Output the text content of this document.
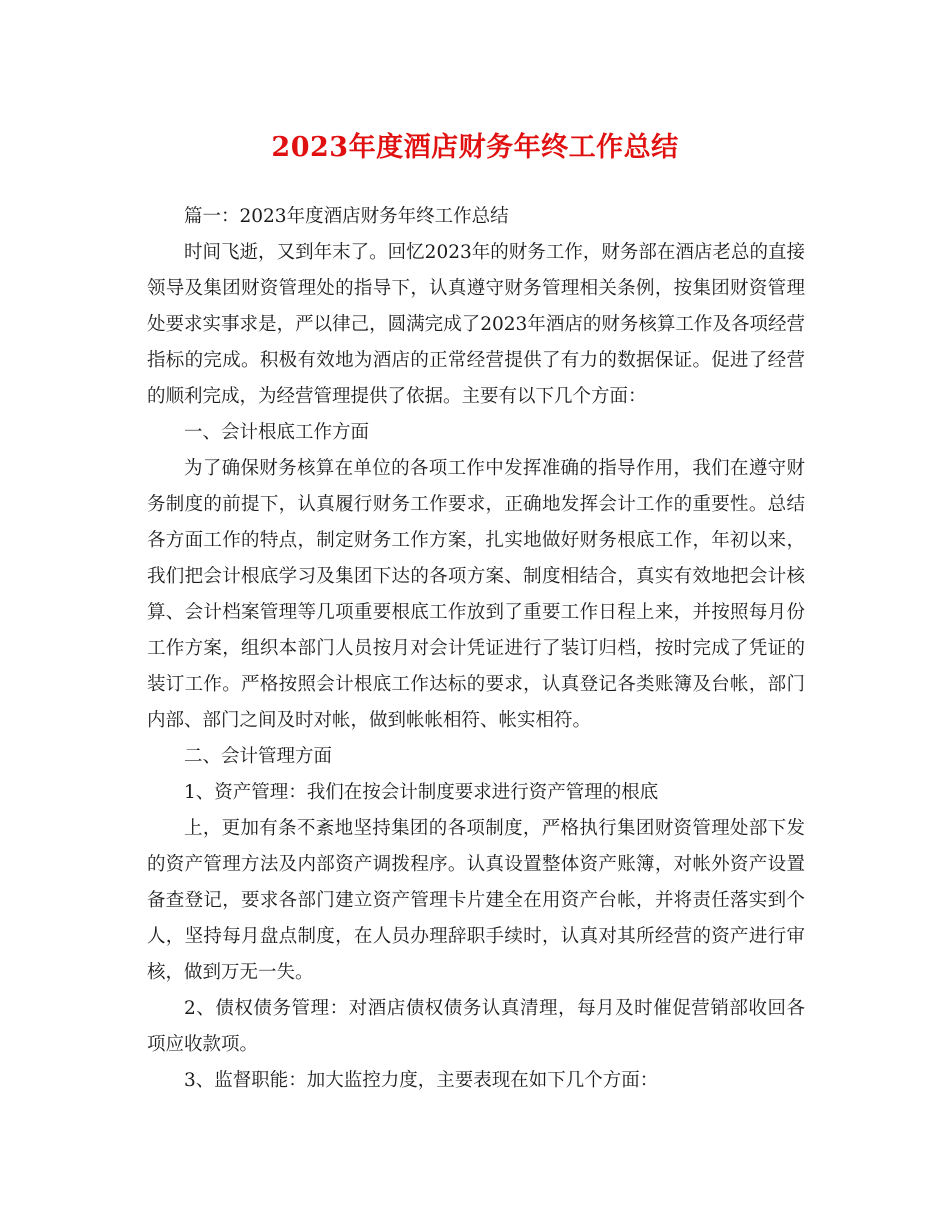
2023年度酒店财务年终工作总结
篇一：2023年度酒店财务年终工作总结
时间飞逝，又到年末了。回忆2023年的财务工作，财务部在酒店老总的直接
领导及集团财资管理处的指导下，认真遵守财务管理相关条例，按集团财资管理
处要求实事求是，严以律己，圆满完成了2023年酒店的财务核算工作及各项经营
指标的完成。积极有效地为酒店的正常经营提供了有力的数据保证。促进了经营
的顺利完成，为经营管理提供了依据。主要有以下几个方面：
一、会计根底工作方面
为了确保财务核算在单位的各项工作中发挥准确的指导作用，我们在遵守财
务制度的前提下，认真履行财务工作要求，正确地发挥会计工作的重要性。总结
各方面工作的特点，制定财务工作方案，扎实地做好财务根底工作，年初以来，
我们把会计根底学习及集团下达的各项方案、制度相结合，真实有效地把会计核
算、会计档案管理等几项重要根底工作放到了重要工作日程上来，并按照每月份
工作方案，组织本部门人员按月对会计凭证进行了装订归档，按时完成了凭证的
装订工作。严格按照会计根底工作达标的要求，认真登记各类账簿及台帐，部门
内部、部门之间及时对帐，做到帐帐相符、帐实相符。
二、会计管理方面
1、资产管理：我们在按会计制度要求进行资产管理的根底
上，更加有条不紊地坚持集团的各项制度，严格执行集团财资管理处部下发
的资产管理方法及内部资产调拨程序。认真设置整体资产账簿，对帐外资产设置
备查登记，要求各部门建立资产管理卡片建全在用资产台帐，并将责任落实到个
人，坚持每月盘点制度，在人员办理辞职手续时，认真对其所经营的资产进行审
核，做到万无一失。
2、债权债务管理：对酒店债权债务认真清理，每月及时催促营销部收回各
项应收款项。
3、监督职能：加大监控力度，主要表现在如下几个方面：
